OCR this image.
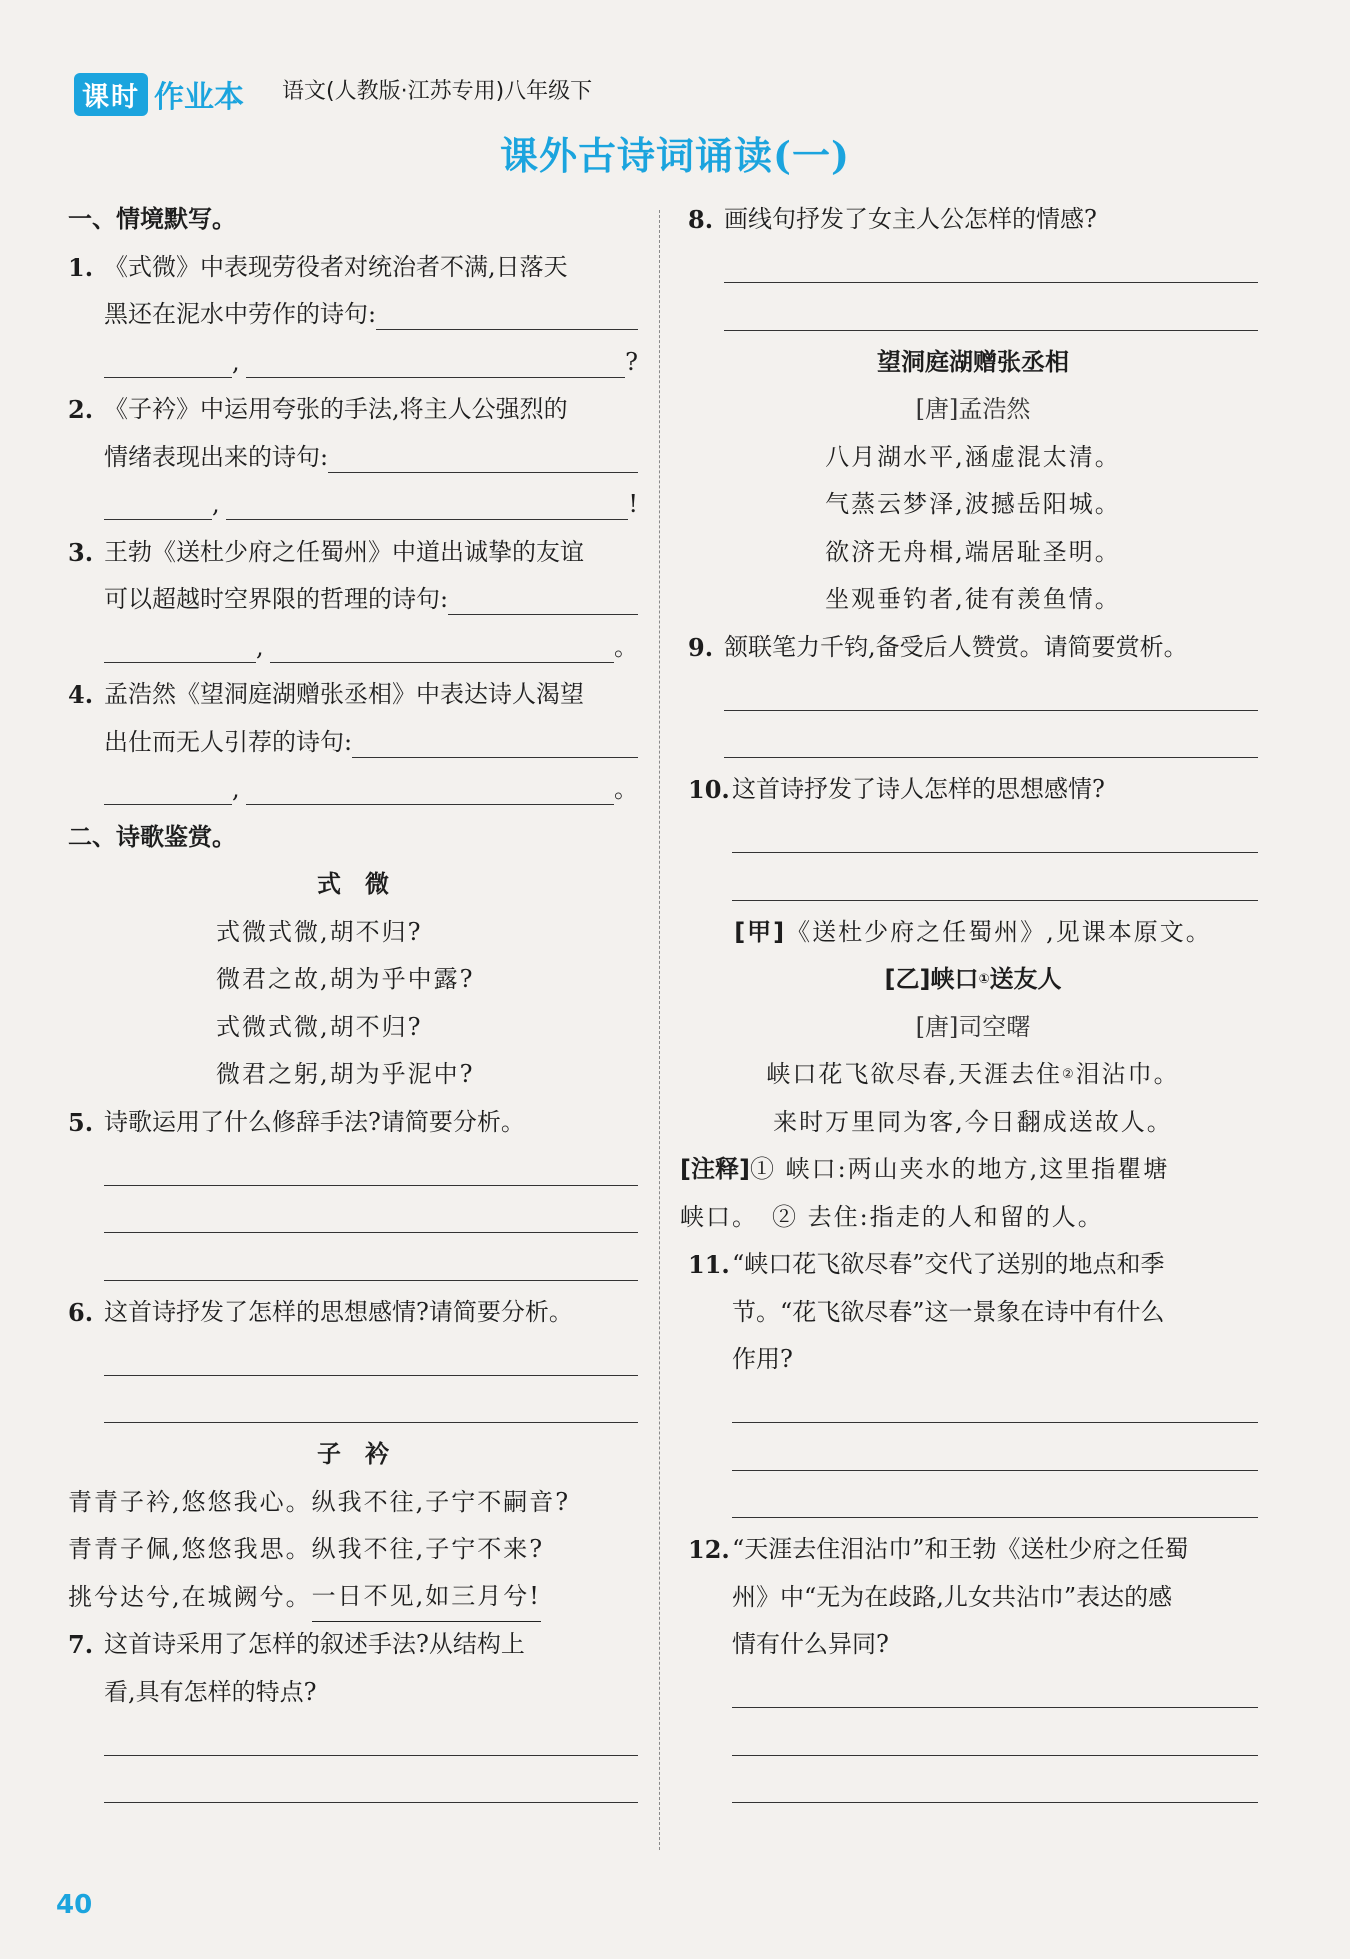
课时 作业本 语文(人教版·江苏专用)八年级下
课外古诗词诵读(一)
一、情境默写。
1. 《式微》中表现劳役者对统治者不满,日落天
黑还在泥水中劳作的诗句:
,	?
2. 《子衿》中运用夸张的手法,将主人公强烈的
情绪表现出来的诗句:
,	!
3. 王勃《送杜少府之任蜀州》中道出诚挚的友谊
可以超越时空界限的哲理的诗句:
,	。
4. 孟浩然《望洞庭湖赠张丞相》中表达诗人渴望
出仕而无人引荐的诗句:
,	。
二、诗歌鉴赏。
式　微
式微式微,胡不归?
微君之故,胡为乎中露?
式微式微,胡不归?
微君之躬,胡为乎泥中?
5. 诗歌运用了什么修辞手法?请简要分析。
6. 这首诗抒发了怎样的思想感情?请简要分析。
子　衿
青青子衿,悠悠我心。纵我不往,子宁不嗣音?
青青子佩,悠悠我思。纵我不往,子宁不来?
挑兮达兮,在城阙兮。 一日不见,如三月兮!
7. 这首诗采用了怎样的叙述手法?从结构上
看,具有怎样的特点?
8. 画线句抒发了女主人公怎样的情感?
望洞庭湖赠张丞相
[唐]孟浩然
八月湖水平,涵虚混太清。
气蒸云梦泽,波撼岳阳城。
欲济无舟楫,端居耻圣明。
坐观垂钓者,徒有羡鱼情。
9. 颔联笔力千钧,备受后人赞赏。请简要赏析。
10. 这首诗抒发了诗人怎样的思想感情?
[甲] 《送杜少府之任蜀州》,见课本原文。
[乙] 峡口 ① 送友人
[唐]司空曙
峡口花飞欲尽春,天涯去住 ② 泪沾巾。
来时万里同为客,今日翻成送故人。
[注释] ① 峡口:两山夹水的地方,这里指瞿塘
峡口。　② 去住:指走的人和留的人。
11. “峡口花飞欲尽春”交代了送别的地点和季
节。“花飞欲尽春”这一景象在诗中有什么
作用?
12. “天涯去住泪沾巾”和王勃《送杜少府之任蜀
州》中“无为在歧路,儿女共沾巾”表达的感
情有什么异同?
40
